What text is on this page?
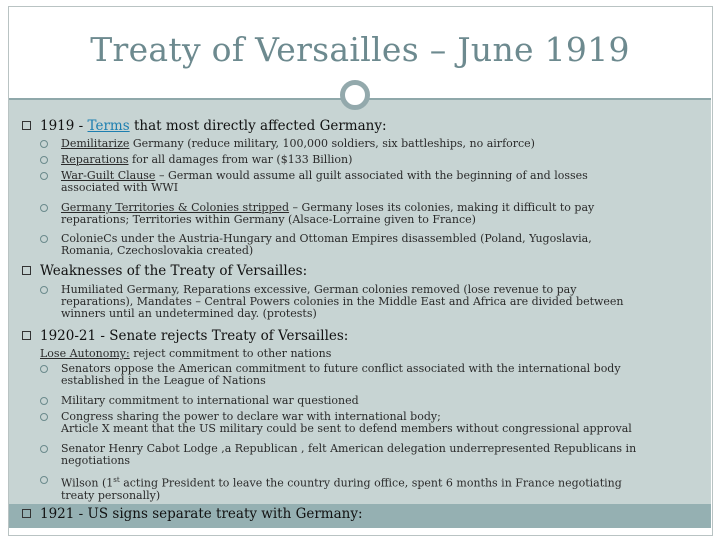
Treaty of Versailles – June 1919
1919 - Terms that most directly affected Germany:
Demilitarize Germany (reduce military, 100,000 soldiers, six battleships, no airforce)
Reparations for all damages from war ($133 Billion)
War-Guilt Clause – German would assume all guilt associated with the beginning of and losses
associated with WWI
Germany Territories & Colonies stripped – Germany loses its colonies, making it difficult to pay
reparations; Territories within Germany (Alsace-Lorraine given to France)
ColonieCs under the Austria-Hungary and Ottoman Empires disassembled (Poland, Yugoslavia,
Romania, Czechoslovakia created)
Weaknesses of the Treaty of Versailles:
Humiliated Germany, Reparations excessive, German colonies removed (lose revenue to pay
reparations), Mandates – Central Powers colonies in the Middle East and Africa are divided between
winners until an undetermined day. (protests)
1920-21 - Senate rejects Treaty of Versailles:
Lose Autonomy: reject commitment to other nations
Senators oppose the American commitment to future conflict associated with the international body
established in the League of Nations
Military commitment to international war questioned
Congress sharing the power to declare war with international body;
Article X meant that the US military could be sent to defend members without congressional approval
Senator Henry Cabot Lodge ,a Republican , felt American delegation underrepresented Republicans in
negotiations
Wilson (1st acting President to leave the country during office, spent 6 months in France negotiating
treaty personally)
1921 - US signs separate treaty with Germany:
